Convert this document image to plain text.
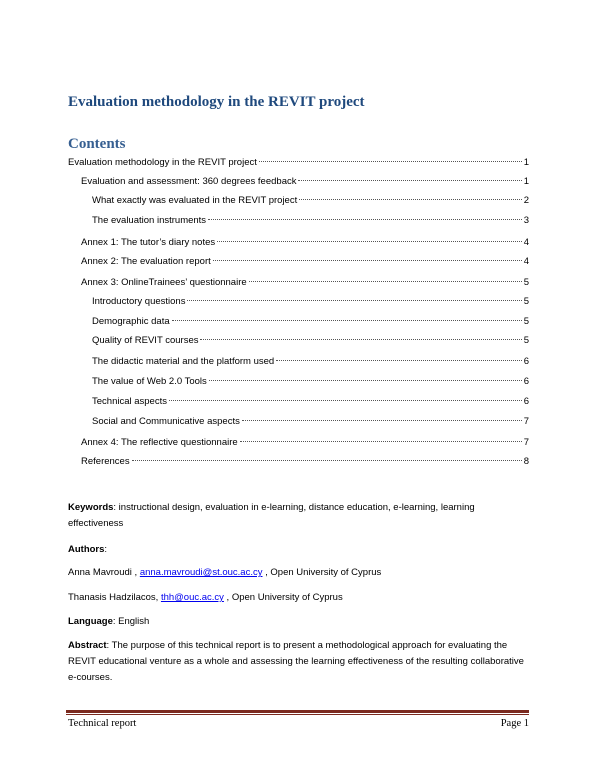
Evaluation methodology in the REVIT project
Contents
Evaluation methodology in the REVIT project	1
Evaluation and assessment: 360 degrees feedback	1
What exactly was evaluated in the REVIT project	2
The evaluation instruments	3
Annex 1: The tutor’s diary notes	4
Annex 2: The evaluation report	4
Annex 3: OnlineTrainees’ questionnaire	5
Introductory questions	5
Demographic data	5
Quality of REVIT courses	5
The didactic material and the platform used	6
The value of Web 2.0 Tools	6
Technical aspects	6
Social and Communicative aspects	7
Annex 4: The reflective questionnaire	7
References	8

Keywords: instructional design, evaluation in e-learning, distance education, e-learning, learning effectiveness

Authors:

Anna Mavroudi , anna.mavroudi@st.ouc.ac.cy , Open University of Cyprus

Thanasis Hadzilacos, thh@ouc.ac.cy , Open University of Cyprus

Language: English

Abstract: The purpose of this technical report is to present a methodological approach for evaluating the REVIT educational venture as a whole and assessing the learning effectiveness of the resulting collaborative e-courses.

Technical report	Page 1
